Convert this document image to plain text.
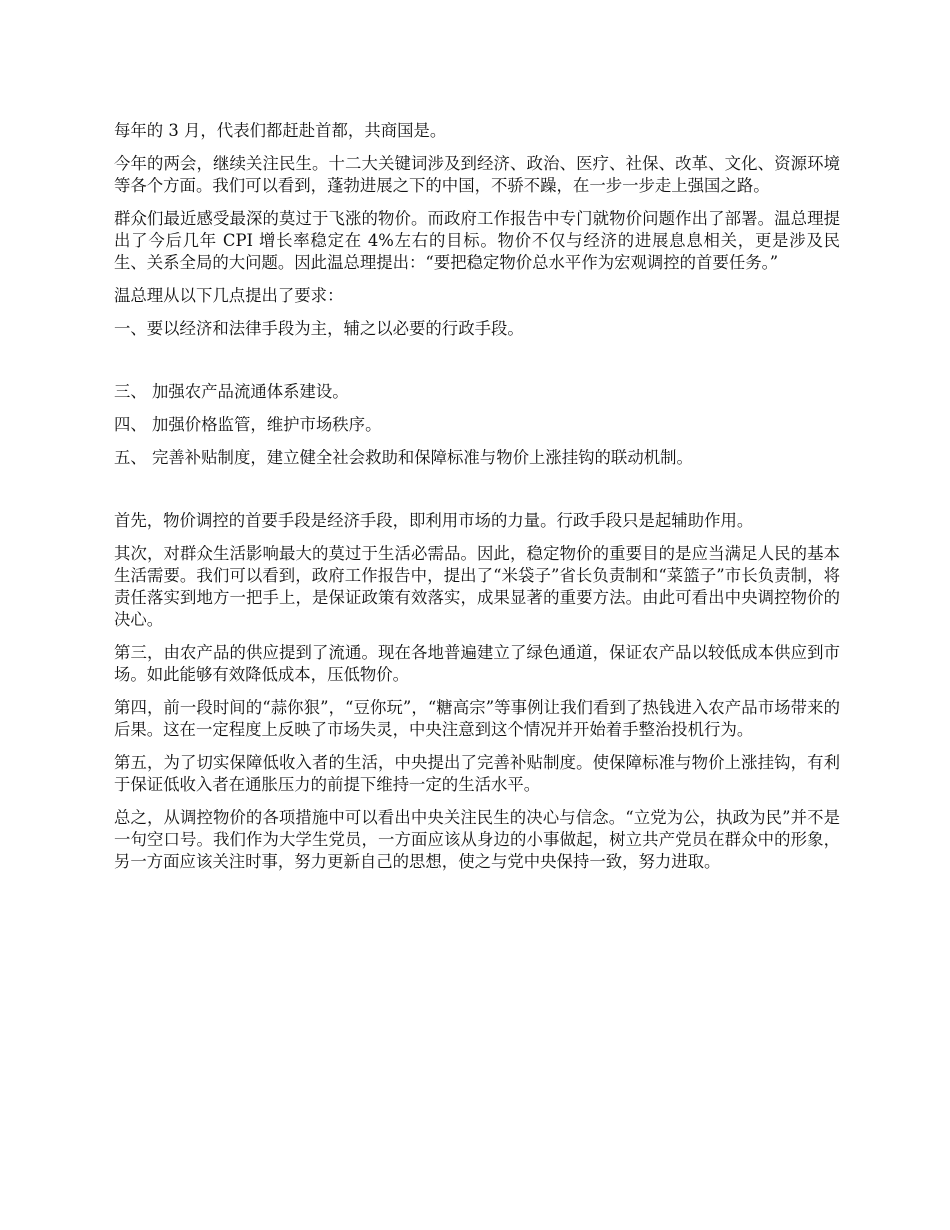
每年的 3 月，代表们都赶赴首都，共商国是。

今年的两会，继续关注民生。十二大关键词涉及到经济、政治、医疗、社保、改革、文化、资源环境等各个方面。我们可以看到，蓬勃进展之下的中国，不骄不躁，在一步一步走上强国之路。

群众们最近感受最深的莫过于飞涨的物价。而政府工作报告中专门就物价问题作出了部署。温总理提出了今后几年 CPI 增长率稳定在 4%左右的目标。物价不仅与经济的进展息息相关，更是涉及民生、关系全局的大问题。因此温总理提出：“要把稳定物价总水平作为宏观调控的首要任务。”

温总理从以下几点提出了要求：

一、要以经济和法律手段为主，辅之以必要的行政手段。

三、 加强农产品流通体系建设。

四、 加强价格监管，维护市场秩序。

五、 完善补贴制度，建立健全社会救助和保障标准与物价上涨挂钩的联动机制。

首先，物价调控的首要手段是经济手段，即利用市场的力量。行政手段只是起辅助作用。

其次，对群众生活影响最大的莫过于生活必需品。因此，稳定物价的重要目的是应当满足人民的基本生活需要。我们可以看到，政府工作报告中，提出了“米袋子”省长负责制和“菜篮子”市长负责制，将责任落实到地方一把手上，是保证政策有效落实，成果显著的重要方法。由此可看出中央调控物价的决心。

第三，由农产品的供应提到了流通。现在各地普遍建立了绿色通道，保证农产品以较低成本供应到市场。如此能够有效降低成本，压低物价。

第四，前一段时间的“蒜你狠”，“豆你玩”，“糖高宗”等事例让我们看到了热钱进入农产品市场带来的后果。这在一定程度上反映了市场失灵，中央注意到这个情况并开始着手整治投机行为。

第五，为了切实保障低收入者的生活，中央提出了完善补贴制度。使保障标准与物价上涨挂钩，有利于保证低收入者在通胀压力的前提下维持一定的生活水平。

总之，从调控物价的各项措施中可以看出中央关注民生的决心与信念。“立党为公，执政为民”并不是一句空口号。我们作为大学生党员，一方面应该从身边的小事做起，树立共产党员在群众中的形象，另一方面应该关注时事，努力更新自己的思想，使之与党中央保持一致，努力进取。
